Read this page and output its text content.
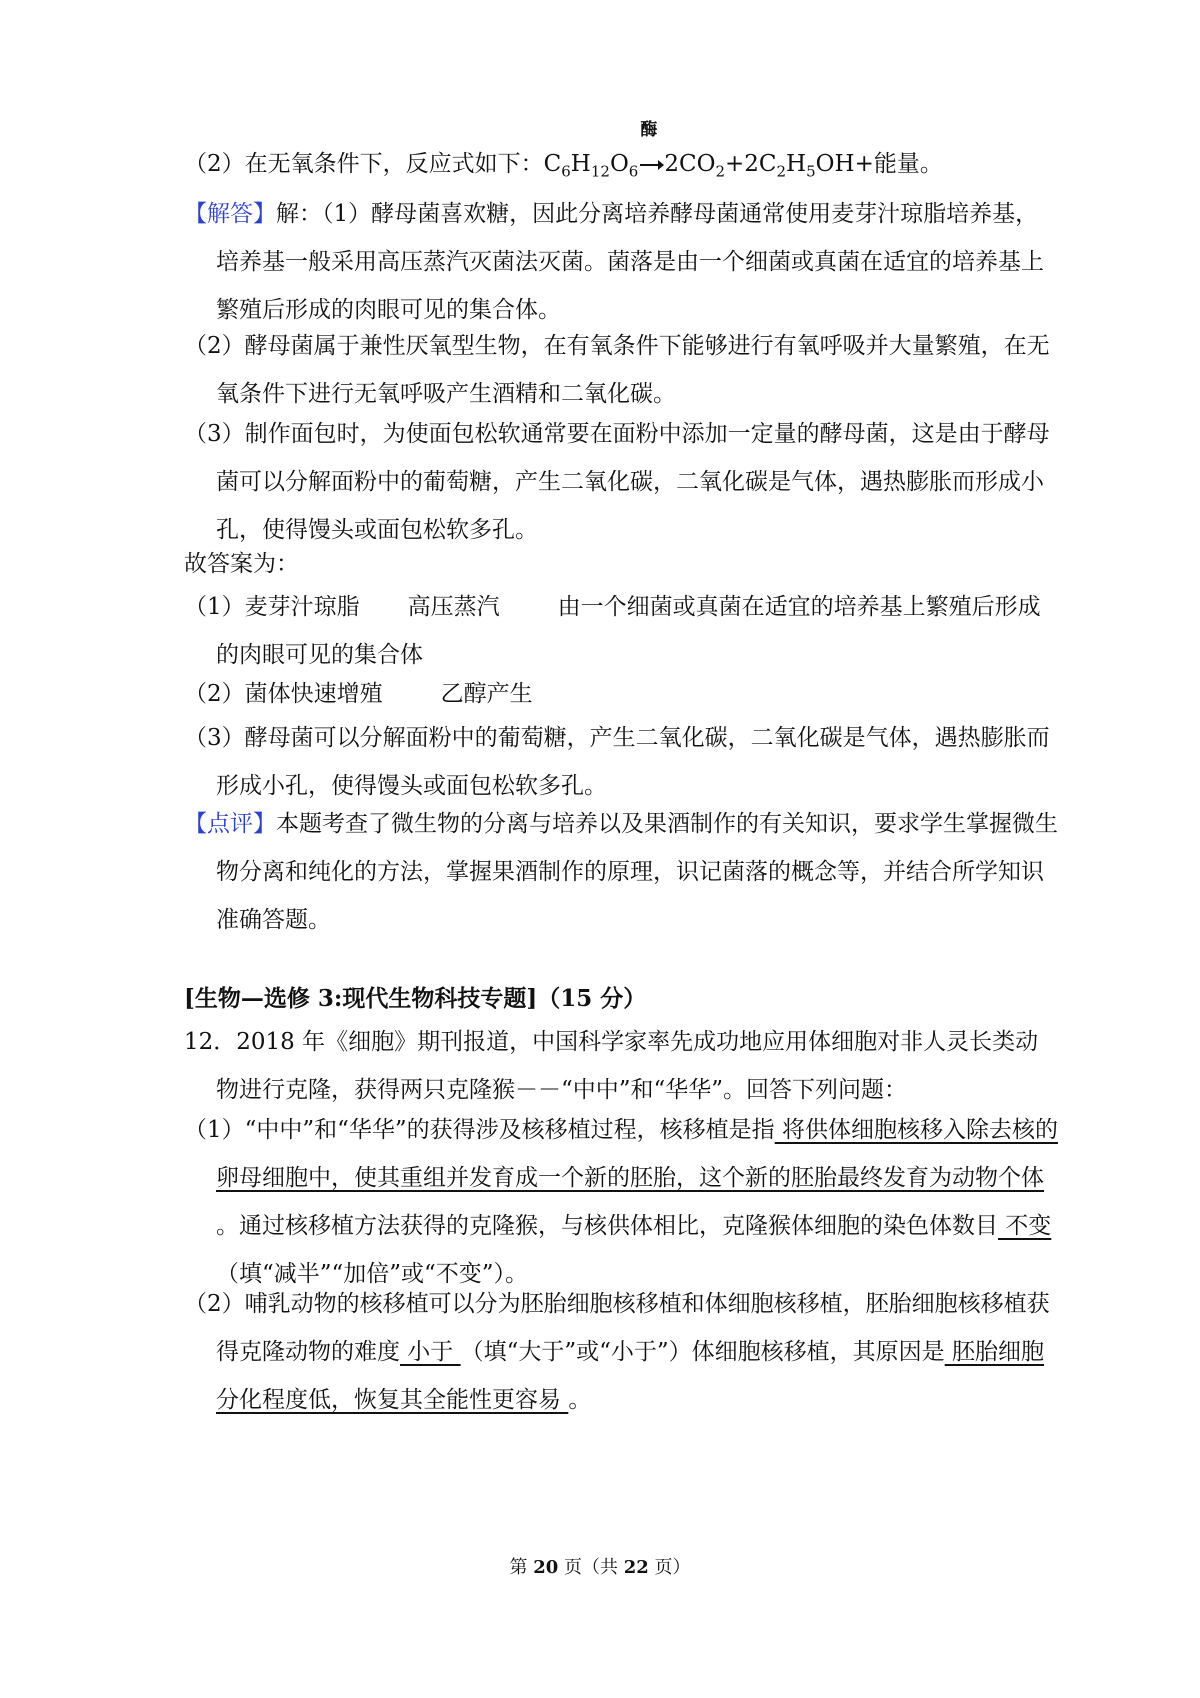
（2）在无氧条件下，反应式如下：$C_6H_{12}O_6$
酶
$2CO_2+2C_2H_5OH+$能量。

【解答】解：（1）酵母菌喜欢糖，因此分离培养酵母菌通常使用麦芽汁琼脂培养基，培养基一般采用高压蒸汽灭菌法灭菌。菌落是由一个细菌或真菌在适宜的培养基上繁殖后形成的肉眼可见的集合体。

（2）酵母菌属于兼性厌氧型生物，在有氧条件下能够进行有氧呼吸并大量繁殖，在无氧条件下进行无氧呼吸产生酒精和二氧化碳。

（3）制作面包时，为使面包松软通常要在面粉中添加一定量的酵母菌，这是由于酵母菌可以分解面粉中的葡萄糖，产生二氧化碳，二氧化碳是气体，遇热膨胀而形成小孔，使得馒头或面包松软多孔。

故答案为：

（1）麦芽汁琼脂 高压蒸汽	由一个细菌或真菌在适宜的培养基上繁殖后形成的肉眼可见的集合体

（2）菌体快速增殖	乙醇产生

（3）酵母菌可以分解面粉中的葡萄糖，产生二氧化碳，二氧化碳是气体，遇热膨胀而形成小孔，使得馒头或面包松软多孔。

【点评】本题考查了微生物的分离与培养以及果酒制作的有关知识，要求学生掌握微生物分离和纯化的方法，掌握果酒制作的原理，识记菌落的概念等，并结合所学知识准确答题。

[生物—选修 3:现代生物科技专题]（15 分）

12．2018 年《细胞》期刊报道，中国科学家率先成功地应用体细胞对非人灵长类动物进行克隆，获得两只克隆猴－－“中中”和“华华”。回答下列问题：

（1）“中中”和“华华”的获得涉及核移植过程，核移植是指 将供体细胞核移入除去核的卵母细胞中，使其重组并发育成一个新的胚胎，这个新的胚胎最终发育为动物个体 。通过核移植方法获得的克隆猴，与核供体相比，克隆猴体细胞的染色体数目 不变 （填“减半”“加倍”或“不变”）。

（2）哺乳动物的核移植可以分为胚胎细胞核移植和体细胞核移植，胚胎细胞核移植获得克隆动物的难度 小于 （填“大于”或“小于”）体细胞核移植，其原因是 胚胎细胞分化程度低，恢复其全能性更容易 。

第 20 页（共 22 页）
